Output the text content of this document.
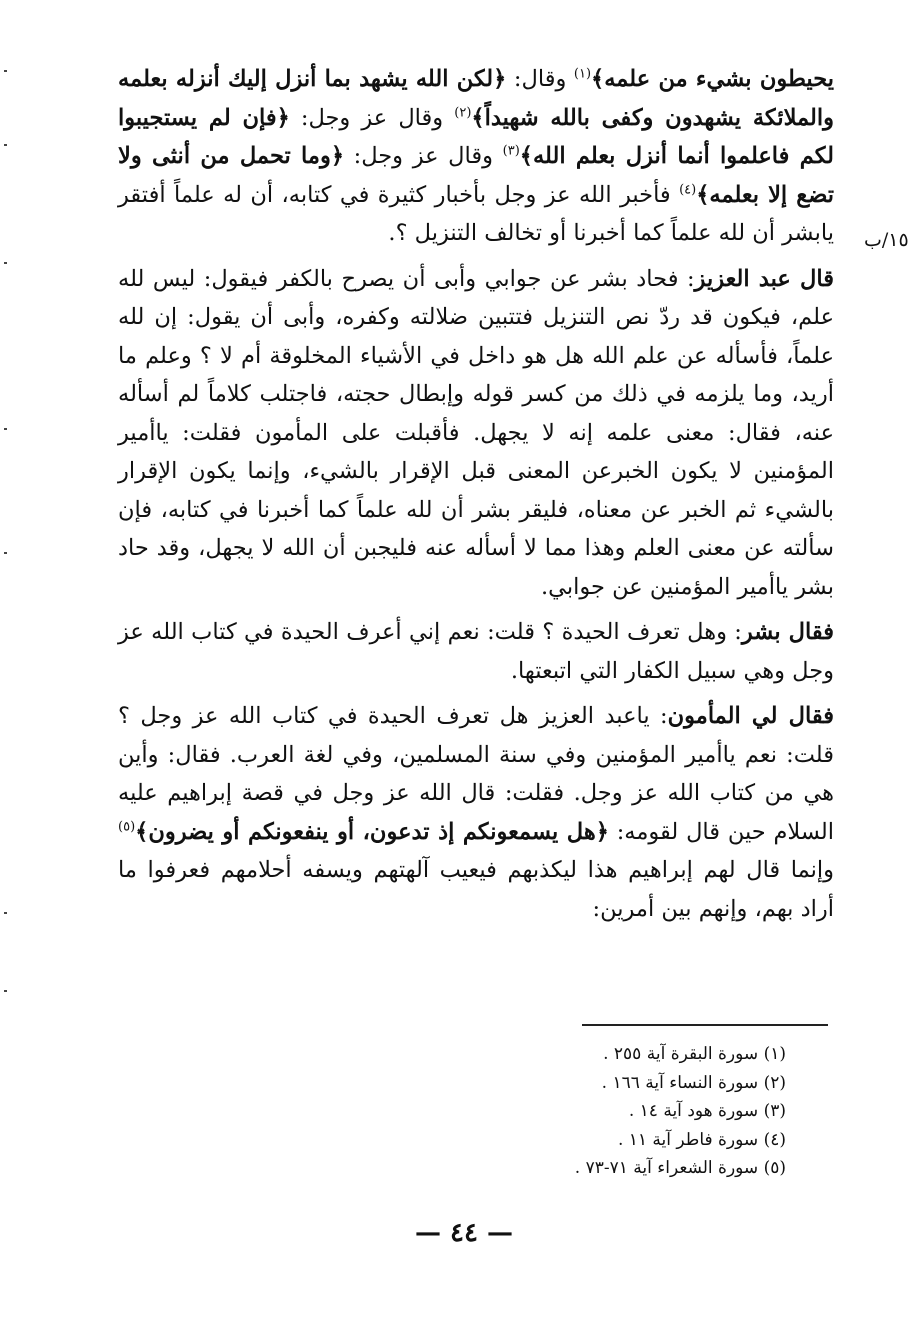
١٥/ب

يحيطون بشيء من علمه﴾$^{(١)}$ وقال: ﴿لكن الله يشهد بما أنزل إليك أنزله بعلمه والملائكة يشهدون وكفى بالله شهيداً﴾$^{(٢)}$ وقال عز وجل: ﴿فإن لم يستجيبوا لكم فاعلموا أنما أنزل بعلم الله﴾$^{(٣)}$ وقال عز وجل: ﴿وما تحمل من أنثى ولا تضع إلا بعلمه﴾$^{(٤)}$ فأخبر الله عز وجل بأخبار كثيرة في كتابه، أن له علماً أفتقر يابشر أن لله علماً كما أخبرنا أو تخالف التنزيل ؟.

قال عبد العزيز: فحاد بشر عن جوابي وأبى أن يصرح بالكفر فيقول: ليس لله علم، فيكون قد ردّ نص التنزيل فتتبين ضلالته وكفره، وأبى أن يقول: إن لله علماً، فأسأله عن علم الله هل هو داخل في الأشياء المخلوقة أم لا ؟ وعلم ما أريد، وما يلزمه في ذلك من كسر قوله وإبطال حجته، فاجتلب كلاماً لم أسأله عنه، فقال: معنى علمه إنه لا يجهل. فأقبلت على المأمون فقلت: ياأمير المؤمنين لا يكون الخبرعن المعنى قبل الإقرار بالشيء، وإنما يكون الإقرار بالشيء ثم الخبر عن معناه، فليقر بشر أن لله علماً كما أخبرنا في كتابه، فإن سألته عن معنى العلم وهذا مما لا أسأله عنه فليجبن أن الله لا يجهل، وقد حاد بشر ياأمير المؤمنين عن جوابي.

فقال بشر: وهل تعرف الحيدة ؟ قلت: نعم إني أعرف الحيدة في كتاب الله عز وجل وهي سبيل الكفار التي اتبعتها.

فقال لي المأمون: ياعبد العزيز هل تعرف الحيدة في كتاب الله عز وجل ؟ قلت: نعم ياأمير المؤمنين وفي سنة المسلمين، وفي لغة العرب. فقال: وأين هي من كتاب الله عز وجل. فقلت: قال الله عز وجل في قصة إبراهيم عليه السلام حين قال لقومه: ﴿هل يسمعونكم إذ تدعون، أو ينفعونكم أو يضرون﴾$^{(٥)}$ وإنما قال لهم إبراهيم هذا ليكذبهم فيعيب آلهتهم ويسفه أحلامهم فعرفوا ما أراد بهم، وإنهم بين أمرين:

(١) سورة البقرة آية ٢٥٥ .
(٢) سورة النساء آية ١٦٦ .
(٣) سورة هود آية ١٤ .
(٤) سورة فاطر آية ١١ .
(٥) سورة الشعراء آية ٧١-٧٣ .
— ٤٤ —
